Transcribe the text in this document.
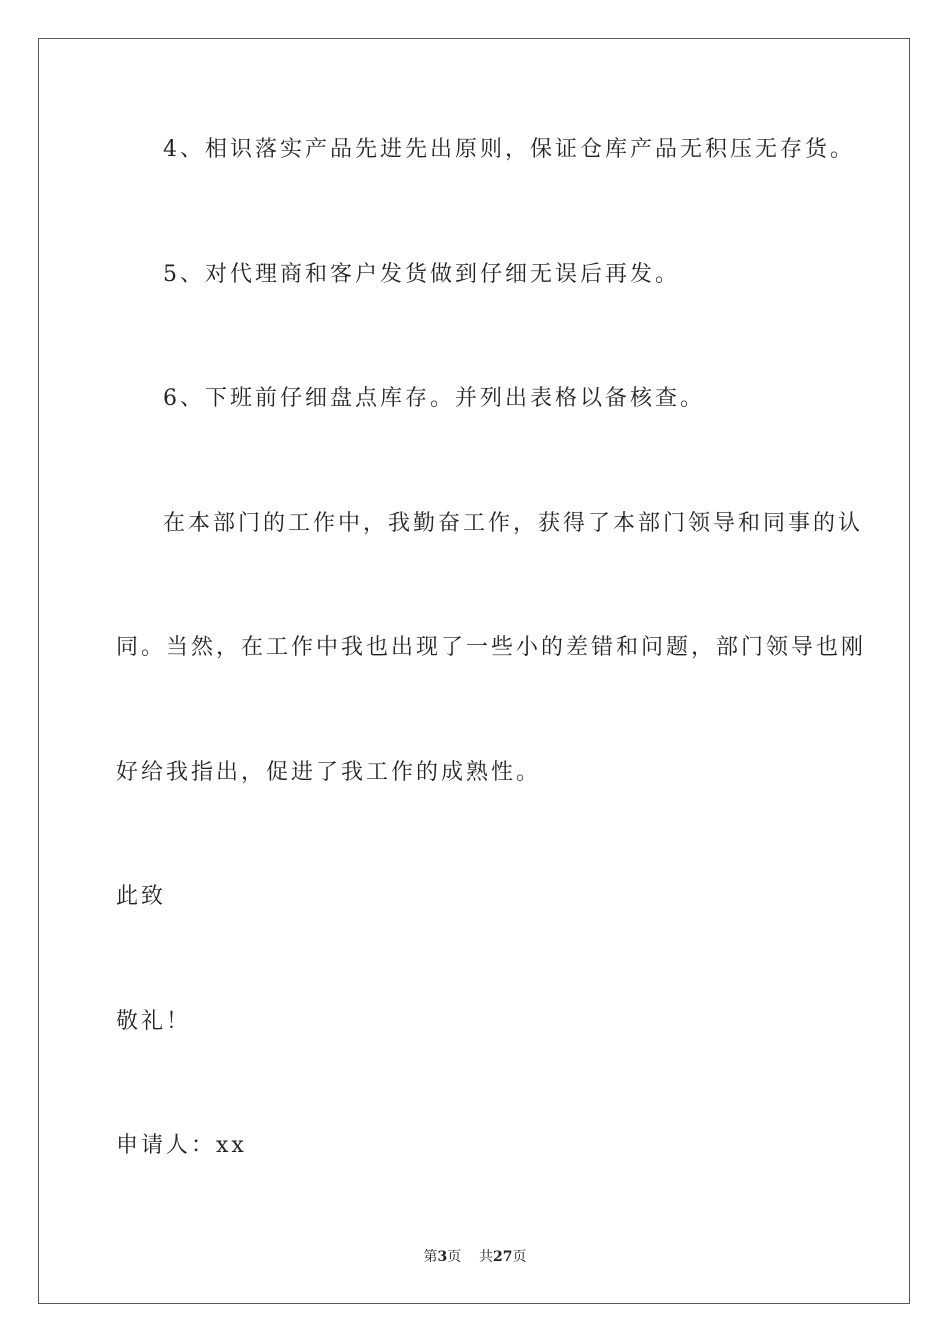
4、相识落实产品先进先出原则，保证仓库产品无积压无存货。
5、对代理商和客户发货做到仔细无误后再发。
6、下班前仔细盘点库存。并列出表格以备核查。
在本部门的工作中，我勤奋工作，获得了本部门领导和同事的认
同。当然，在工作中我也出现了一些小的差错和问题，部门领导也刚
好给我指出，促进了我工作的成熟性。
此致
敬礼！
申请人：xx
第3页 共27页
